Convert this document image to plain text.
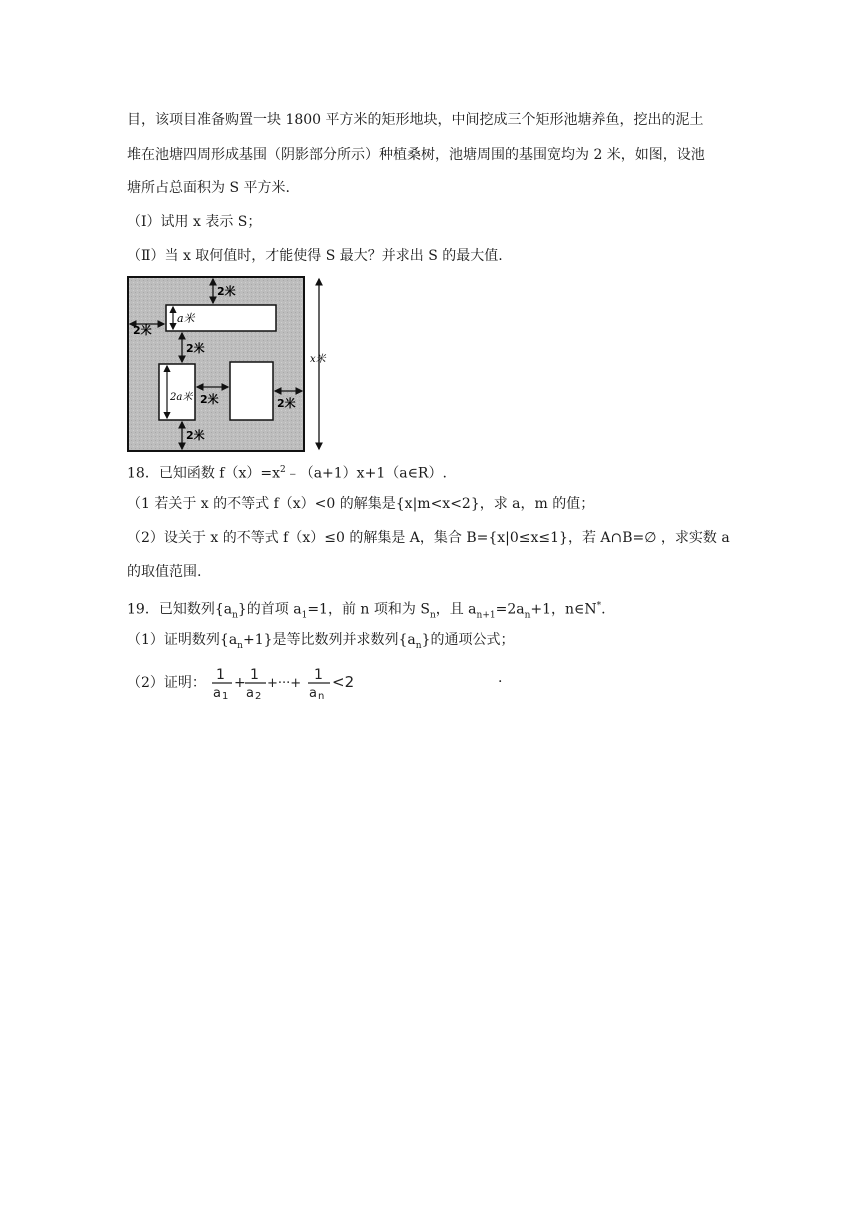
目，该项目准备购置一块 1800 平方米的矩形地块，中间挖成三个矩形池塘养鱼，挖出的泥土
堆在池塘四周形成基围（阴影部分所示）种植桑树，池塘周围的基围宽均为 2 米，如图，设池
塘所占总面积为 S 平方米.
（Ⅰ）试用 x 表示 S；
（Ⅱ）当 x 取何值时，才能使得 S 最大？并求出 S 的最大值.
2米
2米
a米
2米
2a米 2米	2米
2米
x米
18．已知函数 $f(x)=x^2﹣(a+1)x+1(a\in R)$.
（1 若关于 x 的不等式 f（x）<0 的解集是{x|m<x<2}，求 a，m 的值；
（2）设关于 x 的不等式 f（x）≤0 的解集是 A，集合 B={x|0≤x≤1}，若 A∩B=∅ ，求实数 a
的取值范围.
19．已知数列$\{a_n\}$的首项 $a_1=1$，前 n 项和为 $S_n$，且 $a_{n+1}=2a_n+1$，n∈N*.
（1）证明数列$\{a_n+1\}$是等比数列并求数列$\{a_n\}$的通项公式；
（2）证明： 1
a 1
+ 1
a 2
+···+
1
a n
<2	.
